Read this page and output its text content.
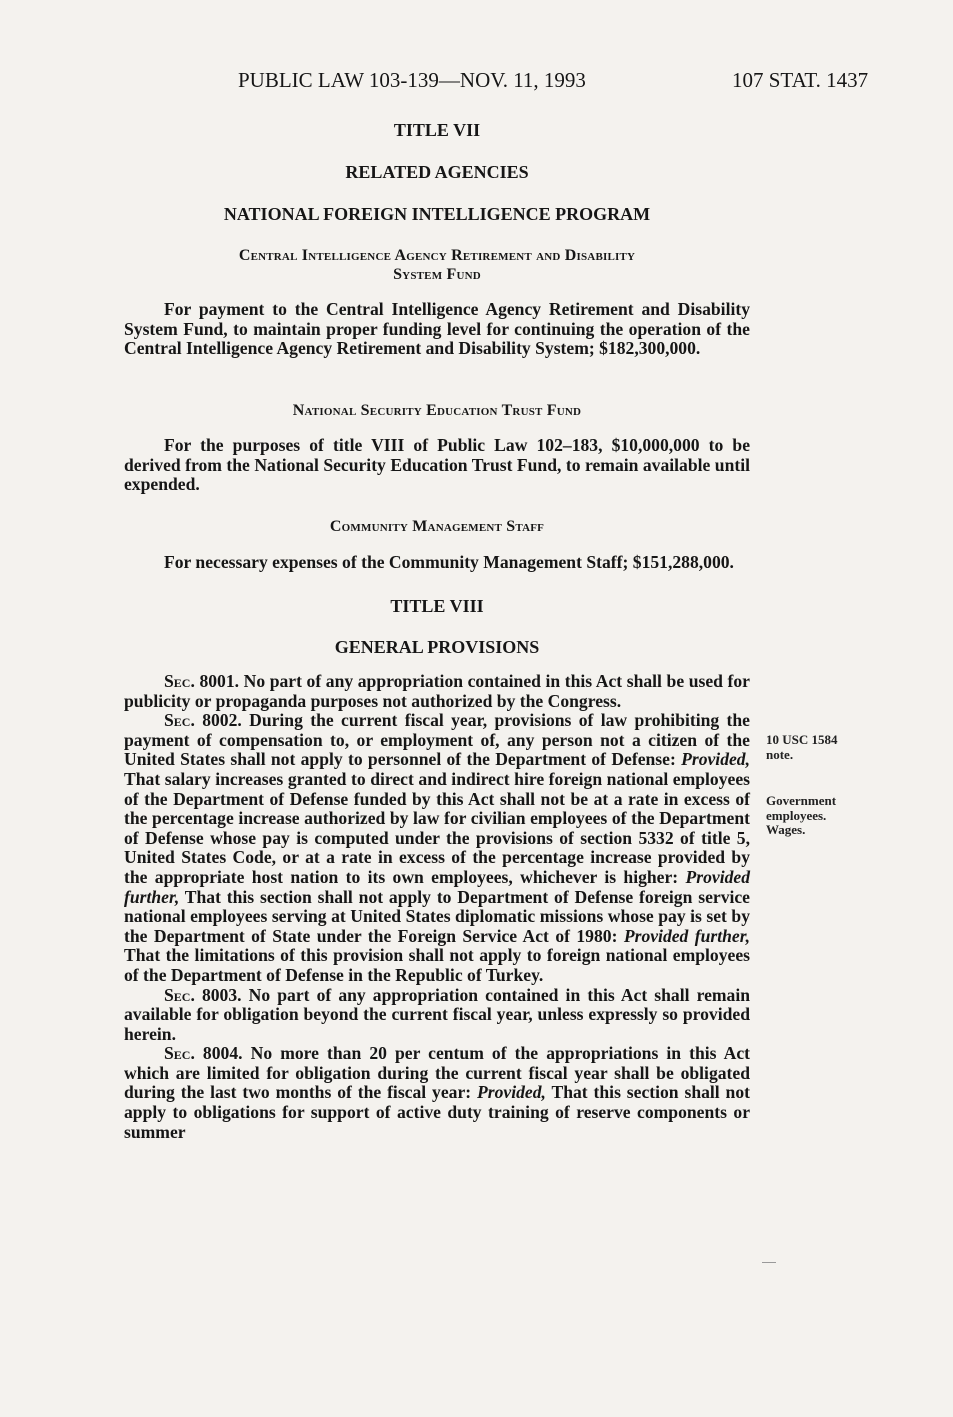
PUBLIC LAW 103-139—NOV. 11, 1993	107 STAT. 1437
TITLE VII
RELATED AGENCIES
NATIONAL FOREIGN INTELLIGENCE PROGRAM
Central Intelligence Agency Retirement and Disability
System Fund

For payment to the Central Intelligence Agency Retirement and Disability System Fund, to maintain proper funding level for continuing the operation of the Central Intelligence Agency Retirement and Disability System; $182,300,000.

National Security Education Trust Fund

For the purposes of title VIII of Public Law 102–183, $10,000,000 to be derived from the National Security Education Trust Fund, to remain available until expended.

Community Management Staff

For necessary expenses of the Community Management Staff; $151,288,000.

TITLE VIII
GENERAL PROVISIONS

Sec. 8001. No part of any appropriation contained in this Act shall be used for publicity or propaganda purposes not authorized by the Congress.

Sec. 8002. During the current fiscal year, provisions of law prohibiting the payment of compensation to, or employment of, any person not a citizen of the United States shall not apply to personnel of the Department of Defense: Provided, That salary increases granted to direct and indirect hire foreign national employees of the Department of Defense funded by this Act shall not be at a rate in excess of the percentage increase authorized by law for civilian employees of the Department of Defense whose pay is computed under the provisions of section 5332 of title 5, United States Code, or at a rate in excess of the percentage increase provided by the appropriate host nation to its own employees, whichever is higher: Provided further, That this section shall not apply to Department of Defense foreign service national employees serving at United States diplomatic missions whose pay is set by the Department of State under the Foreign Service Act of 1980: Provided further, That the limitations of this provision shall not apply to foreign national employees of the Department of Defense in the Republic of Turkey.

Sec. 8003. No part of any appropriation contained in this Act shall remain available for obligation beyond the current fiscal year, unless expressly so provided herein.

Sec. 8004. No more than 20 per centum of the appropriations in this Act which are limited for obligation during the current fiscal year shall be obligated during the last two months of the fiscal year: Provided, That this section shall not apply to obligations for support of active duty training of reserve components or summer

10 USC 1584
note.
Government
employees.
Wages.
